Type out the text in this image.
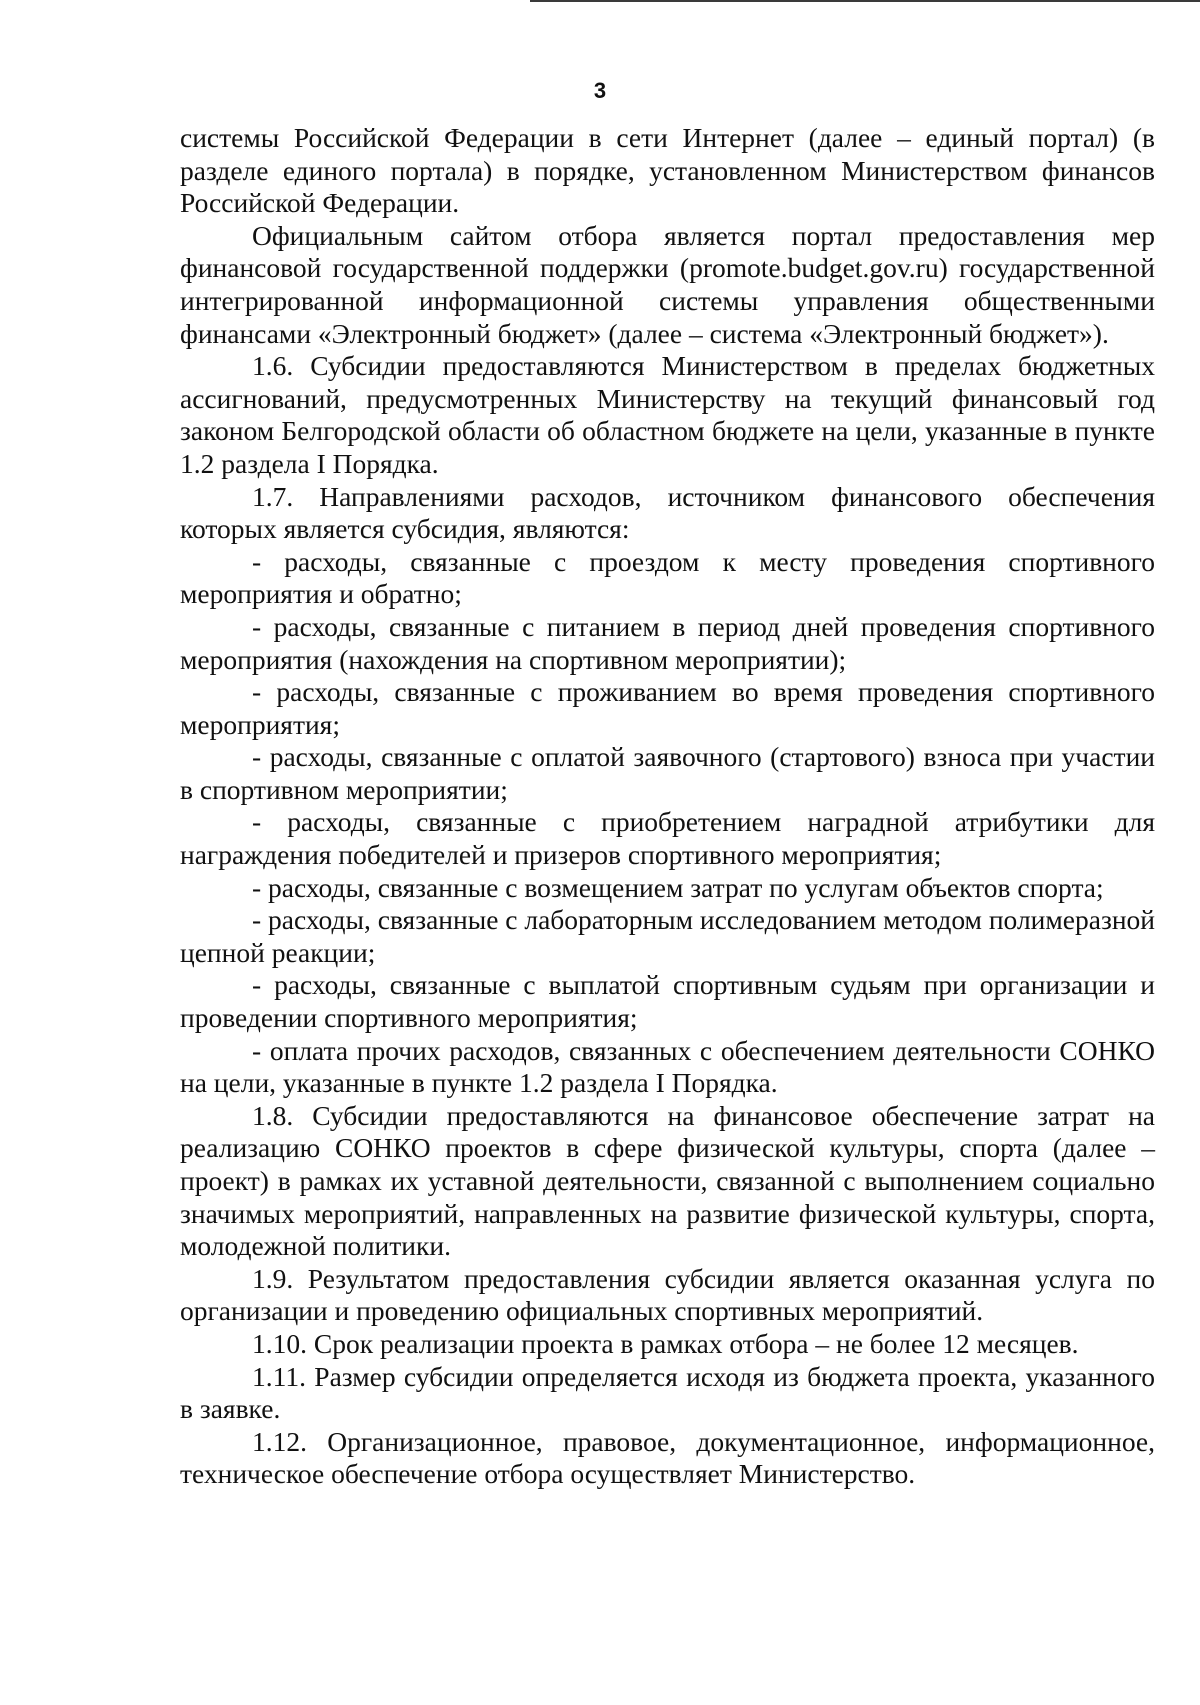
3

системы Российской Федерации в сети Интернет (далее – единый портал) (в разделе единого портала) в порядке, установленном Министерством финансов Российской Федерации.

Официальным сайтом отбора является портал предоставления мер финансовой государственной поддержки (promote.budget.gov.ru) государственной интегрированной информационной системы управления общественными финансами «Электронный бюджет» (далее – система «Электронный бюджет»).

1.6. Субсидии предоставляются Министерством в пределах бюджетных ассигнований, предусмотренных Министерству на текущий финансовый год законом Белгородской области об областном бюджете на цели, указанные в пункте 1.2 раздела I Порядка.

1.7. Направлениями расходов, источником финансового обеспечения которых является субсидия, являются:

- расходы, связанные с проездом к месту проведения спортивного мероприятия и обратно;

- расходы, связанные с питанием в период дней проведения спортивного мероприятия (нахождения на спортивном мероприятии);

- расходы, связанные с проживанием во время проведения спортивного мероприятия;

- расходы, связанные с оплатой заявочного (стартового) взноса при участии в спортивном мероприятии;

- расходы, связанные с приобретением наградной атрибутики для награждения победителей и призеров спортивного мероприятия;

- расходы, связанные с возмещением затрат по услугам объектов спорта;

- расходы, связанные с лабораторным исследованием методом полимеразной цепной реакции;

- расходы, связанные с выплатой спортивным судьям при организации и проведении спортивного мероприятия;

- оплата прочих расходов, связанных с обеспечением деятельности СОНКО на цели, указанные в пункте 1.2 раздела I Порядка.

1.8. Субсидии предоставляются на финансовое обеспечение затрат на реализацию СОНКО проектов в сфере физической культуры, спорта (далее – проект) в рамках их уставной деятельности, связанной с выполнением социально значимых мероприятий, направленных на развитие физической культуры, спорта, молодежной политики.

1.9. Результатом предоставления субсидии является оказанная услуга по организации и проведению официальных спортивных мероприятий.

1.10. Срок реализации проекта в рамках отбора – не более 12 месяцев.

1.11. Размер субсидии определяется исходя из бюджета проекта, указанного в заявке.

1.12. Организационное, правовое, документационное, информационное, техническое обеспечение отбора осуществляет Министерство.
